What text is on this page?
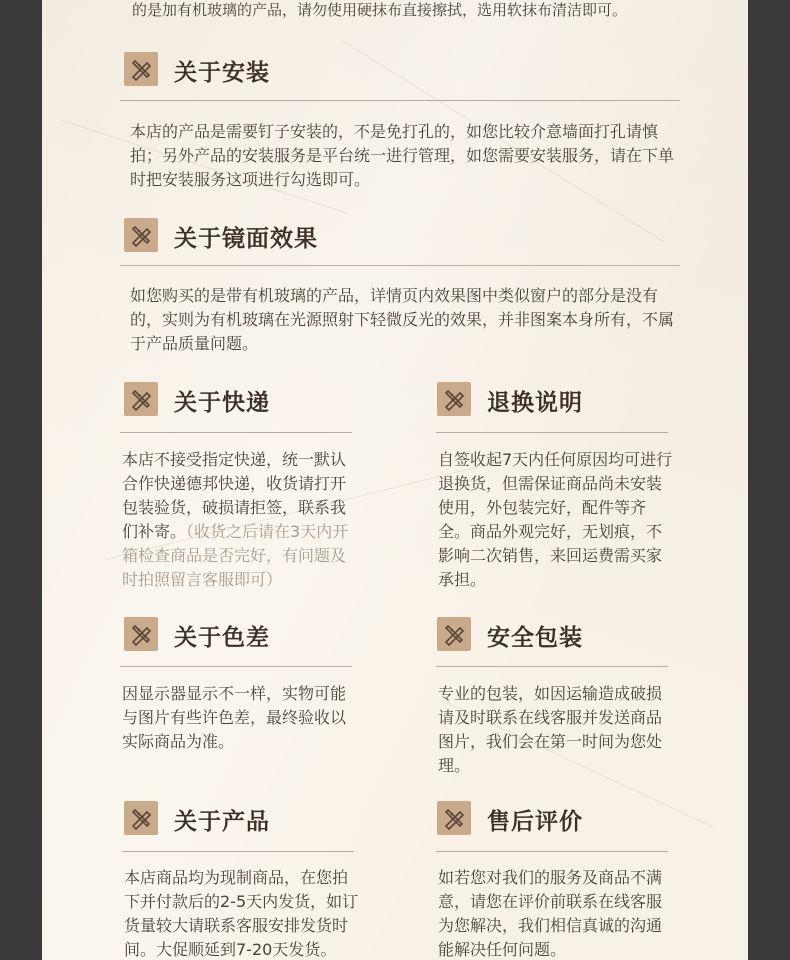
的是加有机玻璃的产品，请勿使用硬抹布直接擦拭，选用软抹布清洁即可。
关于安装
本店的产品是需要钉子安装的，不是免打孔的，如您比较介意墙面打孔请慎拍；另外产品的安装服务是平台统一进行管理，如您需要安装服务，请在下单时把安装服务这项进行勾选即可。
关于镜面效果
如您购买的是带有机玻璃的产品，详情页内效果图中类似窗户的部分是没有的，实则为有机玻璃在光源照射下轻微反光的效果，并非图案本身所有，不属于产品质量问题。
关于快递
本店不接受指定快递，统一默认合作快递德邦快递，收货请打开包装验货，破损请拒签，联系我们补寄。（收货之后请在3天内开箱检查商品是否完好，有问题及时拍照留言客服即可）
退换说明
自签收起7天内任何原因均可进行退换货，但需保证商品尚未安装使用，外包装完好，配件等齐全。商品外观完好，无划痕，不影响二次销售，来回运费需买家承担。
关于色差
因显示器显示不一样，实物可能与图片有些许色差，最终验收以实际商品为准。
安全包装
专业的包装，如因运输造成破损请及时联系在线客服并发送商品图片，我们会在第一时间为您处理。
关于产品
本店商品均为现制商品，在您拍下并付款后的2-5天内发货，如订货量较大请联系客服安排发货时间。大促顺延到7-20天发货。
售后评价
如若您对我们的服务及商品不满意，请您在评价前联系在线客服为您解决，我们相信真诚的沟通能解决任何问题。
